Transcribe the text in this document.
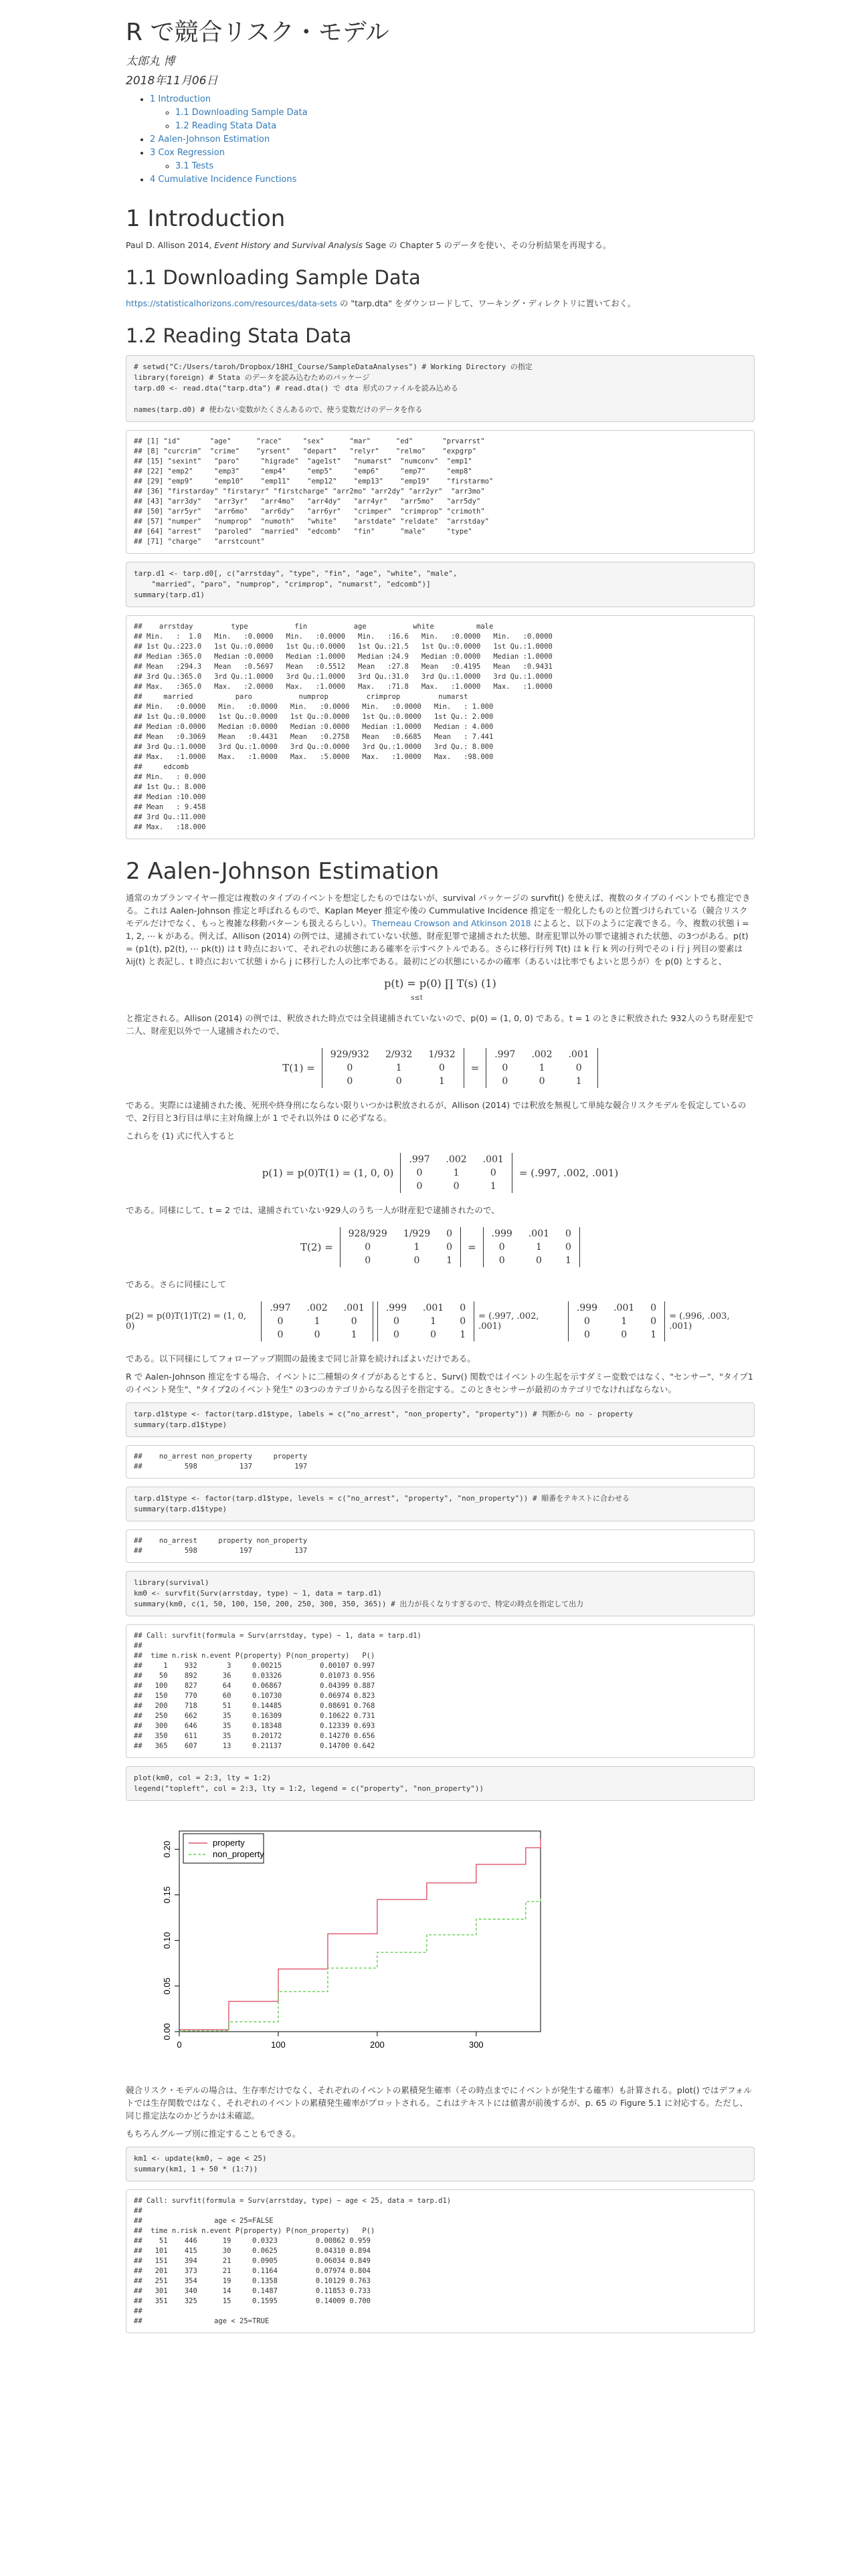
R で競合リスク・モデル
太郎丸 博
2018年11月06日
• 1 Introduction
◦ 1.1 Downloading Sample Data
◦ 1.2 Reading Stata Data
• 2 Aalen-Johnson Estimation
• 3 Cox Regression
◦ 3.1 Tests
• 4 Cumulative Incidence Functions
1 Introduction

Paul D. Allison 2014, Event History and Survival Analysis Sage の Chapter 5 のデータを使い、その分析結果を再現する。

1.1 Downloading Sample Data

https://statisticalhorizons.com/resources/data-sets の "tarp.dta" をダウンロードして、ワーキング・ディレクトリに置いておく。

1.2 Reading Stata Data
# setwd("C:/Users/taroh/Dropbox/18HI_Course/SampleDataAnalyses") # Working Directory の指定
library(foreign) # Stata のデータを読み込むためのパッケージ
tarp.d0 <- read.dta("tarp.dta") # read.dta() で dta 形式のファイルを読み込める

names(tarp.d0) # 使わない変数がたくさんあるので、使う変数だけのデータを作る
## [1] "id"       "age"      "race"     "sex"      "mar"      "ed"       "prvarrst"
## [8] "curcrim"  "crime"    "yrsent"   "depart"   "relyr"    "relmo"    "expgrp"
## [15] "sexint"   "paro"     "higrade"  "age1st"   "numarst"  "numconv"  "emp1"
## [22] "emp2"     "emp3"     "emp4"     "emp5"     "emp6"     "emp7"     "emp8"
## [29] "emp9"     "emp10"    "emp11"    "emp12"    "emp13"    "emp19"    "firstarmo"
## [36] "firstarday" "firstaryr" "firstcharge" "arr2mo" "arr2dy" "arr2yr"  "arr3mo"
## [43] "arr3dy"   "arr3yr"   "arr4mo"   "arr4dy"   "arr4yr"   "arr5mo"   "arr5dy"
## [50] "arr5yr"   "arr6mo"   "arr6dy"   "arr6yr"   "crimper"  "crimprop" "crimoth"
## [57] "numper"   "numprop"  "numoth"   "white"    "arstdate" "reldate"  "arrstday"
## [64] "arrest"   "paroled"  "married"  "edcomb"   "fin"      "male"     "type"
## [71] "charge"   "arrstcount"
tarp.d1 <- tarp.d0[, c("arrstday", "type", "fin", "age", "white", "male",
"married", "paro", "numprop", "crimprop", "numarst", "edcomb")]
summary(tarp.d1)
##    arrstday         type           fin           age           white          male
## Min.   :  1.0   Min.   :0.0000   Min.   :0.0000   Min.   :16.6   Min.   :0.0000   Min.   :0.0000
## 1st Qu.:223.0   1st Qu.:0.0000   1st Qu.:0.0000   1st Qu.:21.5   1st Qu.:0.0000   1st Qu.:1.0000
## Median :365.0   Median :0.0000   Median :1.0000   Median :24.9   Median :0.0000   Median :1.0000
## Mean   :294.3   Mean   :0.5697   Mean   :0.5512   Mean   :27.8   Mean   :0.4195   Mean   :0.9431
## 3rd Qu.:365.0   3rd Qu.:1.0000   3rd Qu.:1.0000   3rd Qu.:31.0   3rd Qu.:1.0000   3rd Qu.:1.0000
## Max.   :365.0   Max.   :2.0000   Max.   :1.0000   Max.   :71.8   Max.   :1.0000   Max.   :1.0000
##     married          paro           numprop         crimprop         numarst
## Min.   :0.0000   Min.   :0.0000   Min.   :0.0000   Min.   :0.0000   Min.   : 1.000
## 1st Qu.:0.0000   1st Qu.:0.0000   1st Qu.:0.0000   1st Qu.:0.0000   1st Qu.: 2.000
## Median :0.0000   Median :0.0000   Median :0.0000   Median :1.0000   Median : 4.000
## Mean   :0.3069   Mean   :0.4431   Mean   :0.2758   Mean   :0.6685   Mean   : 7.441
## 3rd Qu.:1.0000   3rd Qu.:1.0000   3rd Qu.:0.0000   3rd Qu.:1.0000   3rd Qu.: 8.000
## Max.   :1.0000   Max.   :1.0000   Max.   :5.0000   Max.   :1.0000   Max.   :98.000
##     edcomb
## Min.   : 0.000
## 1st Qu.: 8.000
## Median :10.000
## Mean   : 9.458
## 3rd Qu.:11.000
## Max.   :18.000
2 Aalen-Johnson Estimation

通常のカプランマイヤー推定は複数のタイプのイベントを想定したものではないが、survival パッケージの survfit() を使えば、複数のタイプのイベントでも推定できる。これは Aalen-Johnson 推定と呼ばれるもので、Kaplan Meyer 推定や後の Cummulative Incidence 推定を一般化したものと位置づけられている（競合リスクモデルだけでなく、もっと複雑な移動パターンも扱えるらしい）。Therneau Crowson and Atkinson 2018 によると、以下のように定義できる。今、複数の状態 i = 1, 2, ⋯ k がある。例えば、Allison (2014) の例では、逮捕されていない状態、財産犯罪で逮捕された状態、財産犯罪以外の罪で逮捕された状態、の3つがある。p(t) = (p1(t), p2(t), ⋯ pk(t)) は t 時点において、それぞれの状態にある確率を示すベクトルである。さらに移行行列 T(t) は k 行 k 列の行列でその i 行 j 列目の要素は λij(t) と表記し、t 時点において状態 i から j に移行した人の比率である。最初にどの状態にいるかの確率（あるいは比率でもよいと思うが）を p(0) とすると、

p(t) = p(0) ∏ T(s) (1)
s≤t

と推定される。Allison (2014) の例では、釈放された時点では全員逮捕されていないので、p(0) = (1, 0, 0) である。t = 1 のときに釈放された 932人のうち財産犯で二人、財産犯以外で一人逮捕されたので、

T(1) =
929/932	2/932	1/932
0	1	0
0	0	1
=
.997	.002	.001
0	1	0
0	0	1

である。実際には逮捕された後、死刑や終身刑にならない限りいつかは釈放されるが、Allison (2014) では釈放を無視して単純な競合リスクモデルを仮定しているので、2行目と3行目は単に主対角線上が 1 でそれ以外は 0 に必ずなる。

これらを (1) 式に代入すると

p(1) = p(0)T(1) = (1, 0, 0)
.997	.002	.001
0	1	0
0	0	1
= (.997, .002, .001)

である。同様にして、t = 2 では、逮捕されていない929人のうち一人が財産犯で逮捕されたので、

T(2) =
928/929	1/929	0
0	1	0
0	0	1
=
.999	.001	0
0	1	0
0	0	1

である。さらに同様にして

p(2) = p(0)T(1)T(2) = (1, 0, 0)
.997	.002	.001
0	1	0
0	0	1
.999	.001	0
0	1	0
0	0	1
= (.997, .002, .001)
.999	.001	0
0	1	0
0	0	1
= (.996, .003, .001)

である。以下同様にしてフォローアップ期間の最後まで同じ計算を続ければよいだけである。

R で Aalen-Johnson 推定をする場合、イベントに二種類のタイプがあるとすると、Surv() 関数ではイベントの生起を示すダミー変数ではなく、"センサー"、"タイプ1のイベント発生"、"タイプ2のイベント発生" の3つのカテゴリからなる因子を指定する。このときセンサーが最初のカテゴリでなければならない。

tarp.d1$type <- factor(tarp.d1$type, labels = c("no_arrest", "non_property", "property")) # 判断から no - property
summary(tarp.d1$type)
##    no_arrest non_property     property
##          598          137          197
tarp.d1$type <- factor(tarp.d1$type, levels = c("no_arrest", "property", "non_property")) # 順番をテキストに合わせる
summary(tarp.d1$type)
##    no_arrest     property non_property
##          598          197          137
library(survival)
km0 <- survfit(Surv(arrstday, type) ~ 1, data = tarp.d1)
summary(km0, c(1, 50, 100, 150, 200, 250, 300, 350, 365)) # 出力が長くなりすぎるので、特定の時点を指定して出力
## Call: survfit(formula = Surv(arrstday, type) ~ 1, data = tarp.d1)
##
##  time n.risk n.event P(property) P(non_property)   P()
##     1    932       3     0.00215         0.00107 0.997
##    50    892      36     0.03326         0.01073 0.956
##   100    827      64     0.06867         0.04399 0.887
##   150    770      60     0.10730         0.06974 0.823
##   200    718      51     0.14485         0.08691 0.768
##   250    662      35     0.16309         0.10622 0.731
##   300    646      35     0.18348         0.12339 0.693
##   350    611      35     0.20172         0.14270 0.656
##   365    607      13     0.21137         0.14700 0.642
plot(km0, col = 2:3, lty = 1:2)
legend("topleft", col = 2:3, lty = 1:2, legend = c("property", "non_property"))
0	100	200	300
0.00
0.05
0.10
0.15
0.20	property
non_property

競合リスク・モデルの場合は、生存率だけでなく、それぞれのイベントの累積発生確率（その時点までにイベントが発生する確率）も計算される。plot() ではデフォルトでは生存関数ではなく、それぞれのイベントの累積発生確率がプロットされる。これはテキストには値書が前後するが、p. 65 の Figure 5.1 に対応する。ただし、同じ推定法なのかどうかは未確認。

もちろんグループ別に推定することもできる。

km1 <- update(km0, ~ age < 25)
summary(km1, 1 + 50 * (1:7))
## Call: survfit(formula = Surv(arrstday, type) ~ age < 25, data = tarp.d1)
##
##                 age < 25=FALSE
##  time n.risk n.event P(property) P(non_property)   P()
##    51    446      19     0.0323         0.00862 0.959
##   101    415      30     0.0625         0.04310 0.894
##   151    394      21     0.0905         0.06034 0.849
##   201    373      21     0.1164         0.07974 0.804
##   251    354      19     0.1358         0.10129 0.763
##   301    340      14     0.1487         0.11853 0.733
##   351    325      15     0.1595         0.14009 0.700
##
##                 age < 25=TRUE
